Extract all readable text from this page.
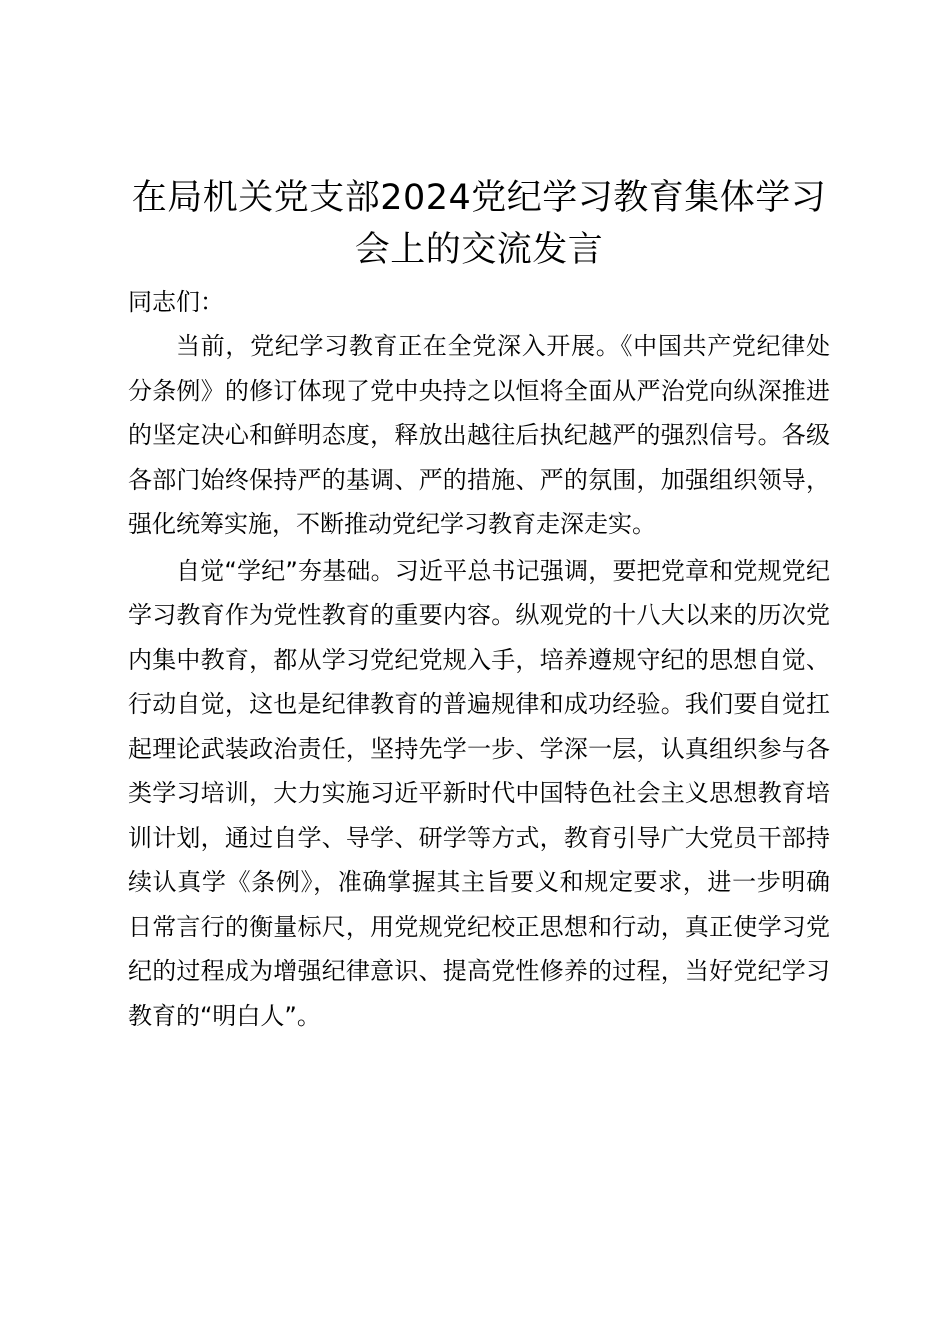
在局机关党支部2024党纪学习教育集体学习会上的交流发言

同志们：

当前，党纪学习教育正在全党深入开展。《中国共产党纪律处分条例》的修订体现了党中央持之以恒将全面从严治党向纵深推进的坚定决心和鲜明态度，释放出越往后执纪越严的强烈信号。各级各部门始终保持严的基调、严的措施、严的氛围，加强组织领导，强化统筹实施，不断推动党纪学习教育走深走实。

自觉“学纪”夯基础。习近平总书记强调，要把党章和党规党纪学习教育作为党性教育的重要内容。纵观党的十八大以来的历次党内集中教育，都从学习党纪党规入手，培养遵规守纪的思想自觉、行动自觉，这也是纪律教育的普遍规律和成功经验。我们要自觉扛起理论武装政治责任，坚持先学一步、学深一层，认真组织参与各类学习培训，大力实施习近平新时代中国特色社会主义思想教育培训计划，通过自学、导学、研学等方式，教育引导广大党员干部持续认真学《条例》，准确掌握其主旨要义和规定要求，进一步明确日常言行的衡量标尺，用党规党纪校正思想和行动，真正使学习党纪的过程成为增强纪律意识、提高党性修养的过程，当好党纪学习教育的“明白人”。
